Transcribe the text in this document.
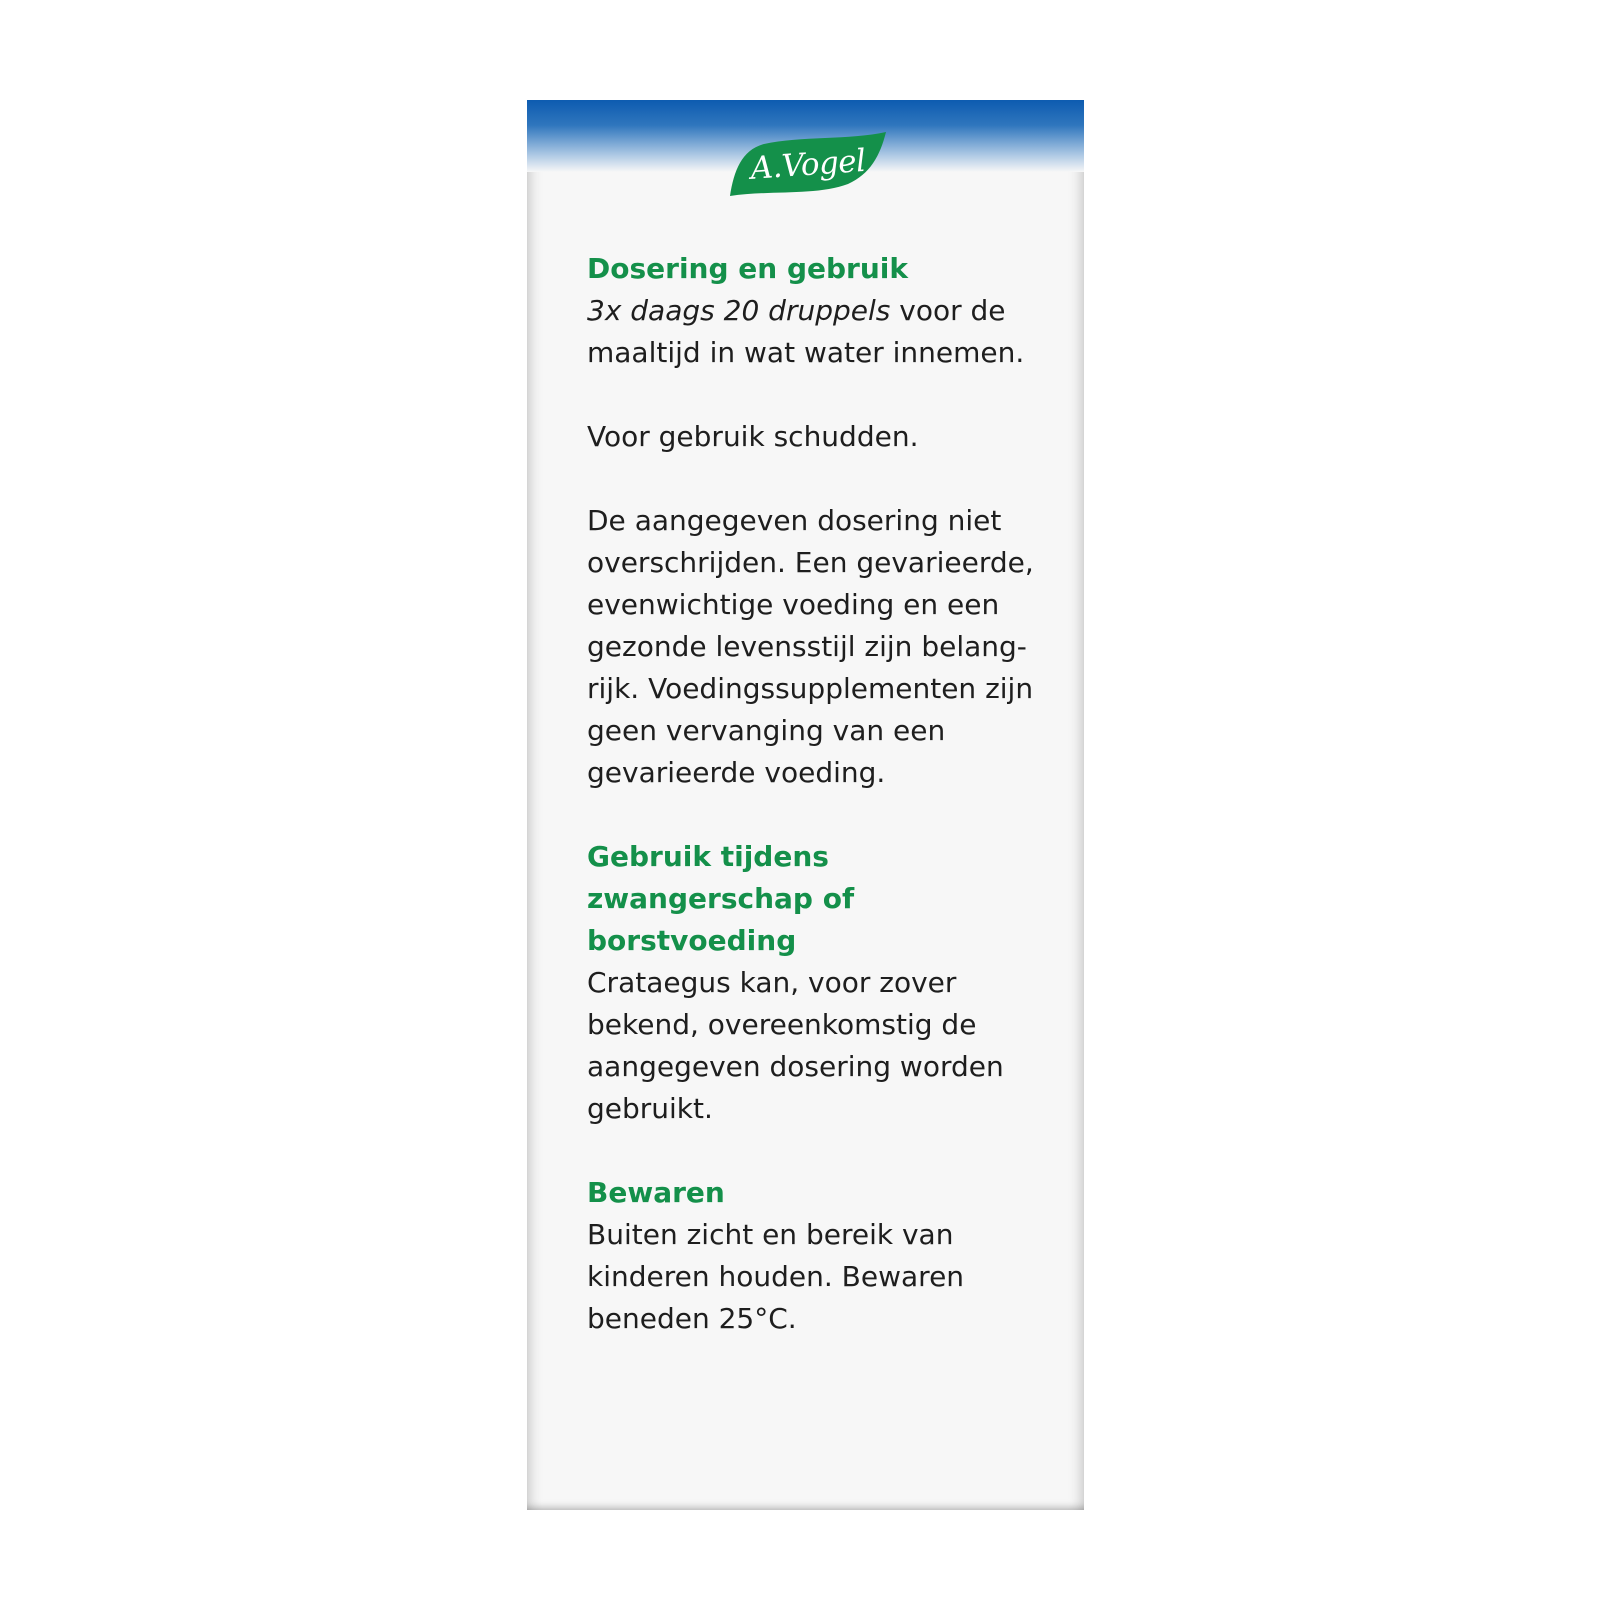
A.Vogel
Dosering en gebruik

3x daags 20 druppels voor de maaltijd in wat water innemen.

Voor gebruik schudden.

De aangegeven dosering niet overschrijden. Een gevarieerde, evenwichtige voeding en een gezonde levensstijl zijn belang-rijk. Voedingssupplementen zijn geen vervanging van een gevarieerde voeding.

Gebruik tijdens zwangerschap of borstvoeding

Crataegus kan, voor zover bekend, overeenkomstig de aangegeven dosering worden gebruikt.

Bewaren

Buiten zicht en bereik van kinderen houden. Bewaren beneden 25°C.
